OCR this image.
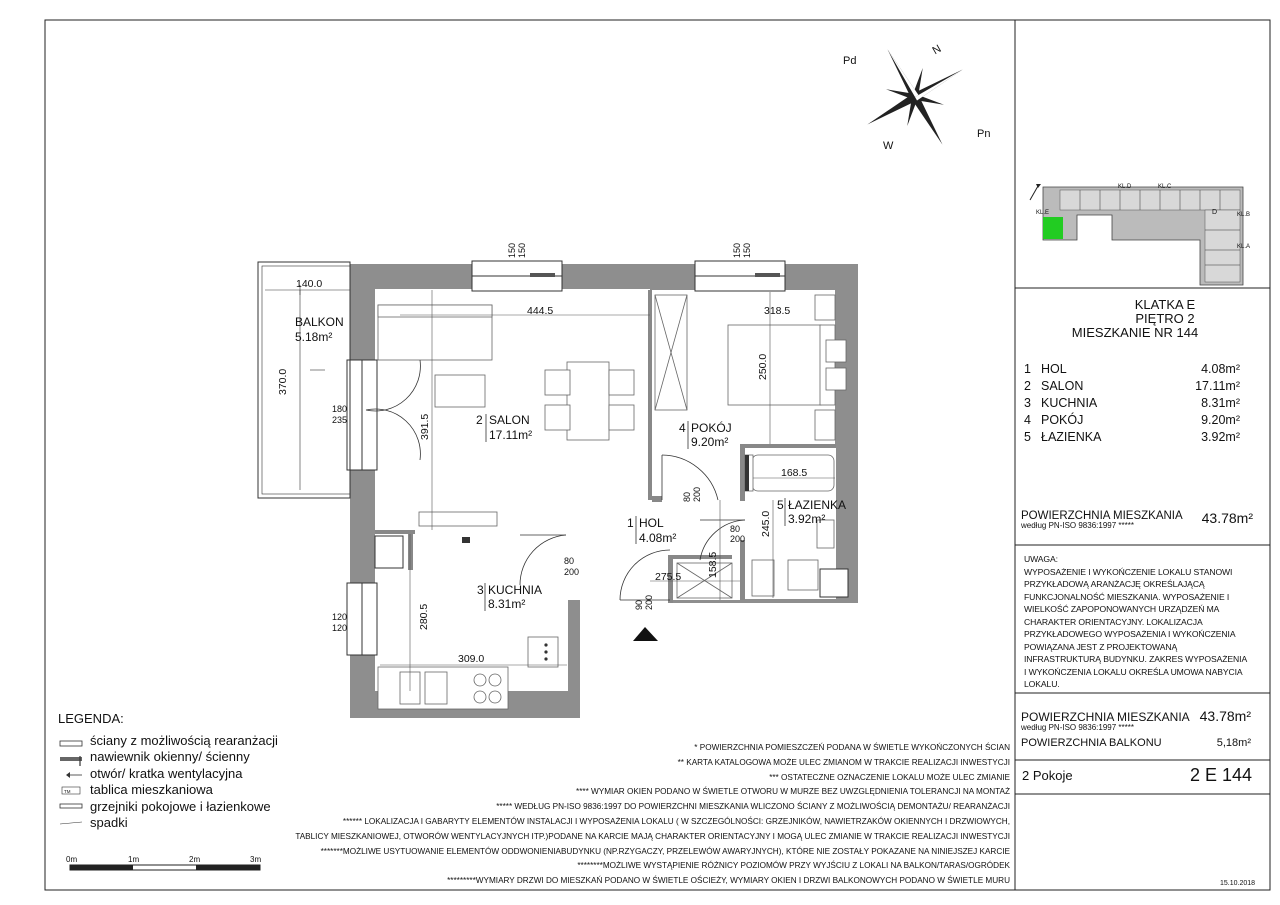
Pd
N
W
Pn
KL.D	KL.C
KL.E	KL.B
KL.A
D
2 SALON
17.11m²	4 POKÓJ
9.20m²
5 ŁAZIENKA
3.92m²
1 HOL
4.08m²
3 KUCHNIA
8.31m²
BALKON
5.18m²
140.0
370.0
444.5	318.5
391.5
250.0
168.5
245.0
158.5
275.5
280.5
309.0
150 150	150 150
180
235
120
120
80 200
80
200
80
200
90 200
TM
0m	1m	2m	3m
KLATKA E
PIĘTRO 2
MIESZKANIE NR 144
1 HOL	4.08m²
2 SALON	17.11m²
3 KUCHNIA	8.31m²
4 POKÓJ	9.20m²
5 ŁAZIENKA	3.92m²
POWIERZCHNIA MIESZKANIA
według PN-ISO 9836:1997 *****	43.78m²
UWAGA:
WYPOSAŻENIE I WYKOŃCZENIE LOKALU STANOWI
PRZYKŁADOWĄ ARANŻACJĘ OKREŚLAJĄCĄ
FUNKCJONALNOŚĆ MIESZKANIA. WYPOSAŻENIE I
WIELKOŚĆ ZAPOPONOWANYCH URZĄDZEŃ MA
CHARAKTER ORIENTACYJNY. LOKALIZACJA
PRZYKŁADOWEGO WYPOSAŻENIA I WYKOŃCZENIA
POWIĄZANA JEST Z PROJEKTOWANĄ
INFRASTRUKTURĄ BUDYNKU. ZAKRES WYPOSAŻENIA
I WYKOŃCZENIA LOKALU OKREŚLA UMOWA NABYCIA
LOKALU.
POWIERZCHNIA MIESZKANIA
według PN-ISO 9836:1997 *****
43.78m²
POWIERZCHNIA BALKONU	5,18m²
2 Pokoje	2 E 144
15.10.2018
LEGENDA:
ściany z możliwością rearanżacji
nawiewnik okienny/ ścienny
otwór/ kratka wentylacyjna
tablica mieszkaniowa
grzejniki pokojowe i łazienkowe
spadki
* POWIERZCHNIA POMIESZCZEŃ PODANA W ŚWIETLE WYKOŃCZONYCH ŚCIAN
** KARTA KATALOGOWA MOŻE ULEC ZMIANOM W TRAKCIE REALIZACJI INWESTYCJI
*** OSTATECZNE OZNACZENIE LOKALU MOŻE ULEC ZMIANIE
**** WYMIAR OKIEN PODANO W ŚWIETLE OTWORU W MURZE BEZ UWZGLĘDNIENIA TOLERANCJI NA MONTAŻ
***** WEDŁUG PN-ISO 9836:1997 DO POWIERZCHNI MIESZKANIA WLICZONO ŚCIANY Z MOŻLIWOŚCIĄ DEMONTAŻU/ REARANŻACJI
****** LOKALIZACJA I GABARYTY ELEMENTÓW INSTALACJI I WYPOSAŻENIA LOKALU ( W SZCZEGÓLNOŚCI: GRZEJNIKÓW, NAWIETRZAKÓW OKIENNYCH I DRZWIOWYCH,
TABLICY MIESZKANIOWEJ, OTWORÓW WENTYLACYJNYCH ITP.)PODANE NA KARCIE MAJĄ CHARAKTER ORIENTACYJNY I MOGĄ ULEC ZMIANIE W TRAKCIE REALIZACJI INWESTYCJI
*******MOŻLIWE USYTUOWANIE ELEMENTÓW ODDWONIENIABUDYNKU (NP.RZYGACZY, PRZELEWÓW AWARYJNYCH), KTÓRE NIE ZOSTAŁY POKAZANE NA NINIEJSZEJ KARCIE
********MOŻLIWE WYSTĄPIENIE RÓŻNICY POZIOMÓW PRZY WYJŚCIU Z LOKALI NA BALKON/TARAS/OGRÓDEK
*********WYMIARY DRZWI DO MIESZKAŃ PODANO W ŚWIETLE OŚCIEŻY, WYMIARY OKIEN I DRZWI BALKONOWYCH PODANO W ŚWIETLE MURU
